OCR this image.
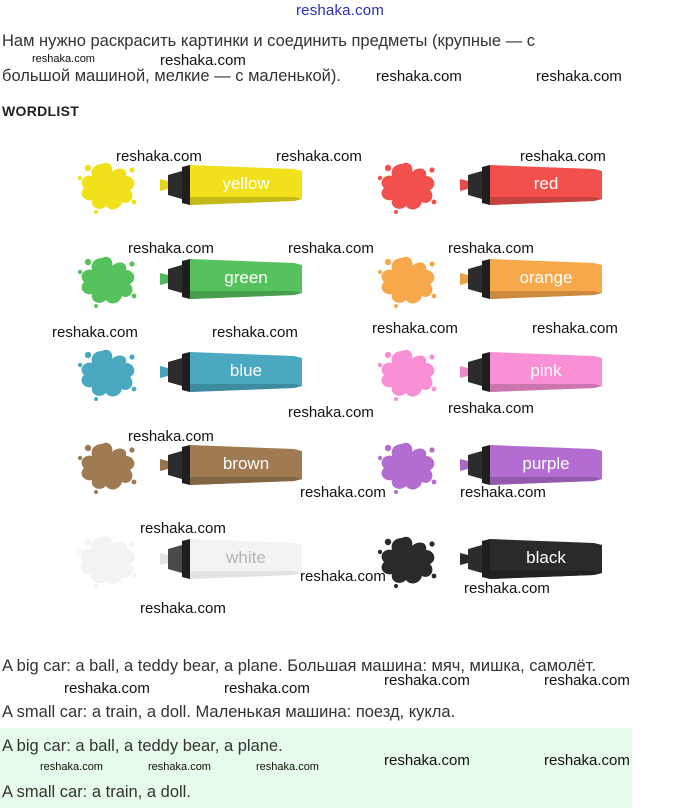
reshaka.com
Нам нужно раскрасить картинки и соединить предметы (крупные — с
большой машиной, мелкие — с маленькой).
WORDLIST
yellow	red
green	orange
blue	pink
brown	purple
white	black
A big car: a ball, a teddy bear, a plane. Большая машина: мяч, мишка, самолёт.
A small car: a train, a doll. Маленькая машина: поезд, кукла.
A big car: a ball, a teddy bear, a plane.
A small car: a train, a doll.
reshaka.com
reshaka.com	reshaka.com
reshaka.com
reshaka.com	reshaka.com	reshaka.com
reshaka.com	reshaka.com	reshaka.com
reshaka.com	reshaka.com	reshaka.com	reshaka.com
reshaka.com	reshaka.com
reshaka.com
reshaka.com	reshaka.com
reshaka.com
reshaka.com
reshaka.com
reshaka.com
reshaka.com	reshaka.com	reshaka.com	reshaka.com
reshaka.com	reshaka.com	reshaka.com	reshaka.com	reshaka.com
